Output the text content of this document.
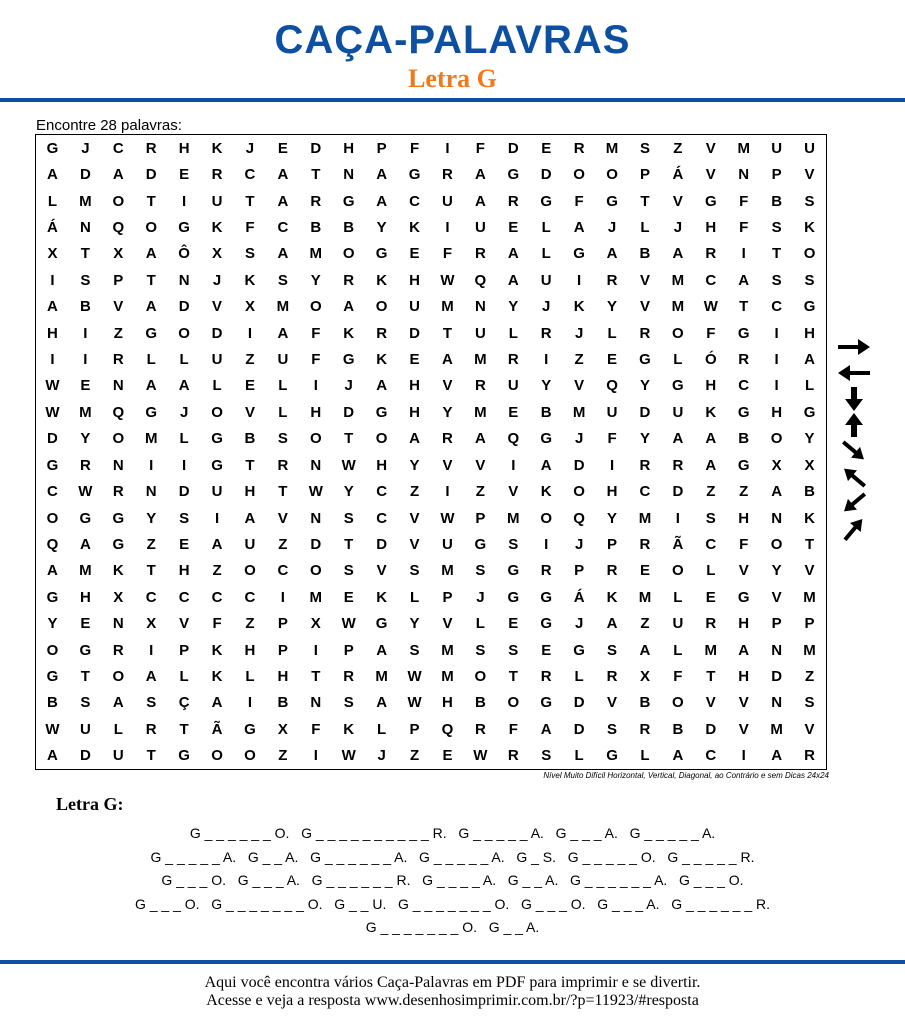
CAÇA-PALAVRAS
Letra G
Encontre 28 palavras:
G	J	C	R	H	K	J	E	D	H	P	F	I	F	D	E	R	M	S	Z	V	M	U	U
A	D	A	D	E	R	C	A	T	N	A	G	R	A	G	D	O	O	P	Á	V	N	P	V
L	M	O	T	I	U	T	A	R	G	A	C	U	A	R	G	F	G	T	V	G	F	B	S
Á	N	Q	O	G	K	F	C	B	B	Y	K	I	U	E	L	A	J	L	J	H	F	S	K
X	T	X	A	Ô	X	S	A	M	O	G	E	F	R	A	L	G	A	B	A	R	I	T	O
I	S	P	T	N	J	K	S	Y	R	K	H	W	Q	A	U	I	R	V	M	C	A	S	S
A	B	V	A	D	V	X	M	O	A	O	U	M	N	Y	J	K	Y	V	M	W	T	C	G
H	I	Z	G	O	D	I	A	F	K	R	D	T	U	L	R	J	L	R	O	F	G	I	H
I	I	R	L	L	U	Z	U	F	G	K	E	A	M	R	I	Z	E	G	L	Ó	R	I	A
W	E	N	A	A	L	E	L	I	J	A	H	V	R	U	Y	V	Q	Y	G	H	C	I	L
W	M	Q	G	J	O	V	L	H	D	G	H	Y	M	E	B	M	U	D	U	K	G	H	G
D	Y	O	M	L	G	B	S	O	T	O	A	R	A	Q	G	J	F	Y	A	A	B	O	Y
G	R	N	I	I	G	T	R	N	W	H	Y	V	V	I	A	D	I	R	R	A	G	X	X
C	W	R	N	D	U	H	T	W	Y	C	Z	I	Z	V	K	O	H	C	D	Z	Z	A	B
O	G	G	Y	S	I	A	V	N	S	C	V	W	P	M	O	Q	Y	M	I	S	H	N	K
Q	A	G	Z	E	A	U	Z	D	T	D	V	U	G	S	I	J	P	R	Ã	C	F	O	T
A	M	K	T	H	Z	O	C	O	S	V	S	M	S	G	R	P	R	E	O	L	V	Y	V
G	H	X	C	C	C	C	I	M	E	K	L	P	J	G	G	Á	K	M	L	E	G	V	M
Y	E	N	X	V	F	Z	P	X	W	G	Y	V	L	E	G	J	A	Z	U	R	H	P	P
O	G	R	I	P	K	H	P	I	P	A	S	M	S	S	E	G	S	A	L	M	A	N	M
G	T	O	A	L	K	L	H	T	R	M	W	M	O	T	R	L	R	X	F	T	H	D	Z
B	S	A	S	Ç	A	I	B	N	S	A	W	H	B	O	G	D	V	B	O	V	V	N	S
W	U	L	R	T	Ã	G	X	F	K	L	P	Q	R	F	A	D	S	R	B	D	V	M	V
A	D	U	T	G	O	O	Z	I	W	J	Z	E	W	R	S	L	G	L	A	C	I	A	R
Nível Muito Difícil Horizontal, Vertical, Diagonal, ao Contrário e sem Dicas 24x24
Letra G:
G _ _ _ _ _ _ O. G _ _ _ _ _ _ _ _ _ _ R. G _ _ _ _ _ A. G _ _ _ A. G _ _ _ _ _ A.
G _ _ _ _ _ A. G _ _ A. G _ _ _ _ _ _ A. G _ _ _ _ _ A. G _ S. G _ _ _ _ _ O. G _ _ _ _ _ R.
G _ _ _ O. G _ _ _ A. G _ _ _ _ _ _ R. G _ _ _ _ A. G _ _ A. G _ _ _ _ _ _ A. G _ _ _ O.
G _ _ _ O. G _ _ _ _ _ _ _ O. G _ _ U. G _ _ _ _ _ _ _ O. G _ _ _ O. G _ _ _ A. G _ _ _ _ _ _ R.
G _ _ _ _ _ _ _ O. G _ _ A.
Aqui você encontra vários Caça-Palavras em PDF para imprimir e se divertir.
Acesse e veja a resposta www.desenhosimprimir.com.br/?p=11923/#resposta
